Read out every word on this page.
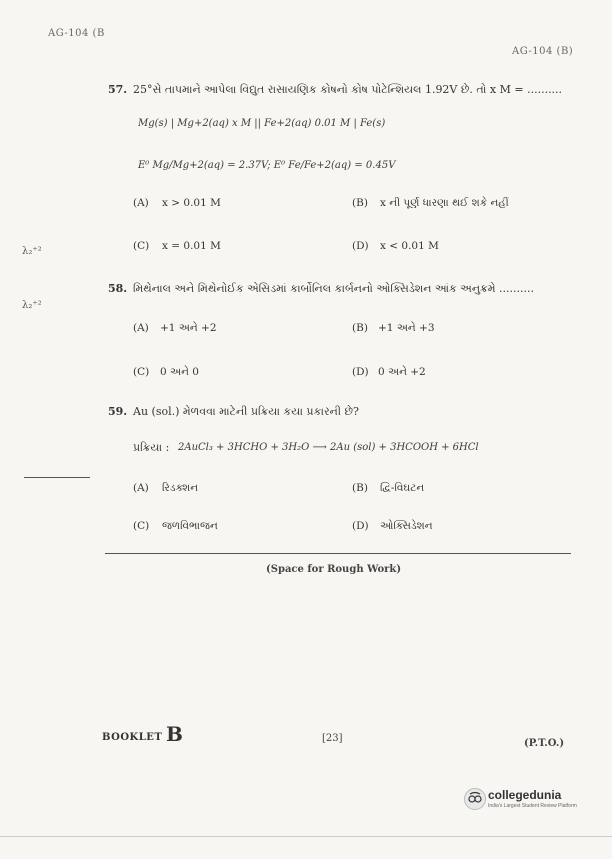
AG-104 (B
AG-104 (B)
λ₂⁺²
λ₂⁺²
57. 25°સે તાપમાને આપેલા વિદ્યુત રાસાયણિક કોષનો કોષ પોટેન્શિયલ 1.92V છે. તો x M = ..........
Mg(s) | Mg+2(aq) x M || Fe+2(aq) 0.01 M | Fe(s)
E⁰ Mg/Mg+2(aq) = 2.37V; E⁰ Fe/Fe+2(aq) = 0.45V
(A) x > 0.01 M	(B) x ની પૂર્ણ ધારણા થઈ શકે નહીં
(C) x = 0.01 M	(D) x < 0.01 M
58. મિથેનાલ અને મિથેનોઈક એસિડમાં કાર્બોનિલ કાર્બનનો ઓક્સિડેશન આંક અનુક્રમે ..........
(A) +1 અને +2	(B) +1 અને +3
(C) 0 અને 0	(D) 0 અને +2
59. Au (sol.) મેળવવા માટેની પ્રક્રિયા કયા પ્રકારની છે?
પ્રક્રિયા : 2AuCl₃ + 3HCHO + 3H₂O ⟶ 2Au (sol) + 3HCOOH + 6HCl
(A) રિડક્શન	(B) દ્વિ-વિઘટન
(C) જળવિભાજન	(D) ઓક્સિડેશન
(Space for Rough Work)
BOOKLET B	[23]	(P.T.O.)
collegedunia
India's Largest Student Review Platform
